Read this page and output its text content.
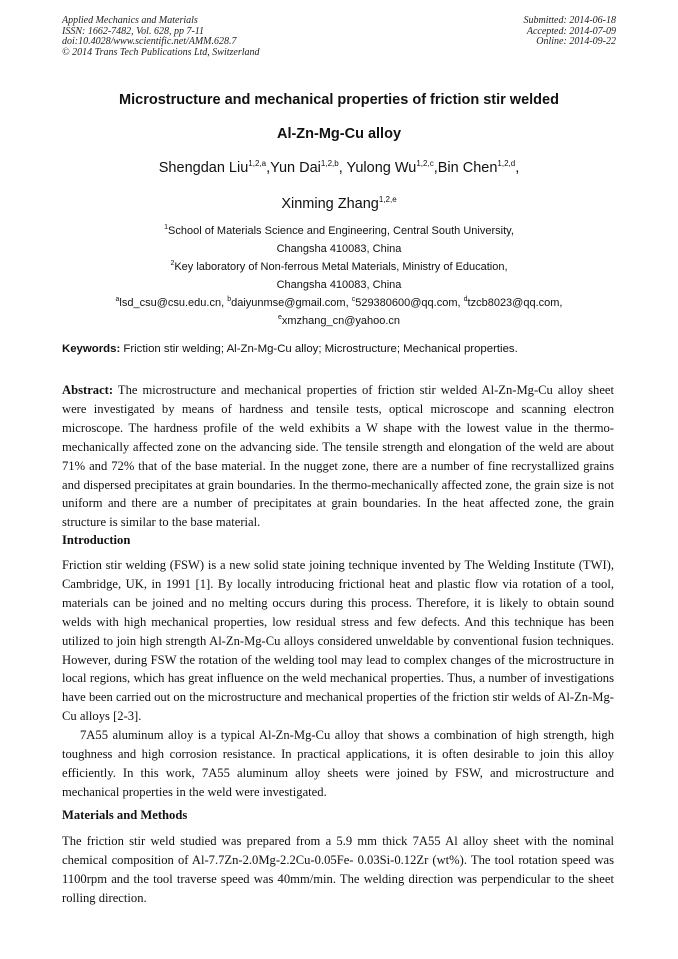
Applied Mechanics and Materials
ISSN: 1662-7482, Vol. 628, pp 7-11
doi:10.4028/www.scientific.net/AMM.628.7
© 2014 Trans Tech Publications Ltd, Switzerland
Submitted: 2014-06-18
Accepted: 2014-07-09
Online: 2014-09-22
Microstructure and mechanical properties of friction stir welded
Al-Zn-Mg-Cu alloy
Shengdan Liu$^{1,2,a}$,Yun Dai$^{1,2,b}$, Yulong Wu$^{1,2,c}$,Bin Chen$^{1,2,d}$,
Xinming Zhang$^{1,2,e}$
$^1$School of Materials Science and Engineering, Central South University,
Changsha 410083, China
$^2$Key laboratory of Non-ferrous Metal Materials, Ministry of Education,
Changsha 410083, China
$^a$lsd_csu@csu.edu.cn, $^b$daiyunmse@gmail.com, $^c$529380600@qq.com, $^d$tzcb8023@qq.com,
$^e$xmzhang_cn@yahoo.cn
Keywords: Friction stir welding; Al-Zn-Mg-Cu alloy; Microstructure; Mechanical properties.

Abstract: The microstructure and mechanical properties of friction stir welded Al-Zn-Mg-Cu alloy sheet were investigated by means of hardness and tensile tests, optical microscope and scanning electron microscope. The hardness profile of the weld exhibits a W shape with the lowest value in the thermo-mechanically affected zone on the advancing side. The tensile strength and elongation of the weld are about 71% and 72% that of the base material. In the nugget zone, there are a number of fine recrystallized grains and dispersed precipitates at grain boundaries. In the thermo-mechanically affected zone, the grain size is not uniform and there are a number of precipitates at grain boundaries. In the heat affected zone, the grain structure is similar to the base material.

Introduction

Friction stir welding (FSW) is a new solid state joining technique invented by The Welding Institute (TWI), Cambridge, UK, in 1991 [1]. By locally introducing frictional heat and plastic flow via rotation of a tool, materials can be joined and no melting occurs during this process. Therefore, it is likely to obtain sound welds with high mechanical properties, low residual stress and few defects. And this technique has been utilized to join high strength Al-Zn-Mg-Cu alloys considered unweldable by conventional fusion techniques. However, during FSW the rotation of the welding tool may lead to complex changes of the microstructure in local regions, which has great influence on the weld mechanical properties. Thus, a number of investigations have been carried out on the microstructure and mechanical properties of the friction stir welds of Al-Zn-Mg-Cu alloys [2-3].

7A55 aluminum alloy is a typical Al-Zn-Mg-Cu alloy that shows a combination of high strength, high toughness and high corrosion resistance. In practical applications, it is often desirable to join this alloy efficiently. In this work, 7A55 aluminum alloy sheets were joined by FSW, and microstructure and mechanical properties in the weld were investigated.

Materials and Methods

The friction stir weld studied was prepared from a 5.9 mm thick 7A55 Al alloy sheet with the nominal chemical composition of Al-7.7Zn-2.0Mg-2.2Cu-0.05Fe- 0.03Si-0.12Zr (wt%). The tool rotation speed was 1100rpm and the tool traverse speed was 40mm/min. The welding direction was perpendicular to the sheet rolling direction.
